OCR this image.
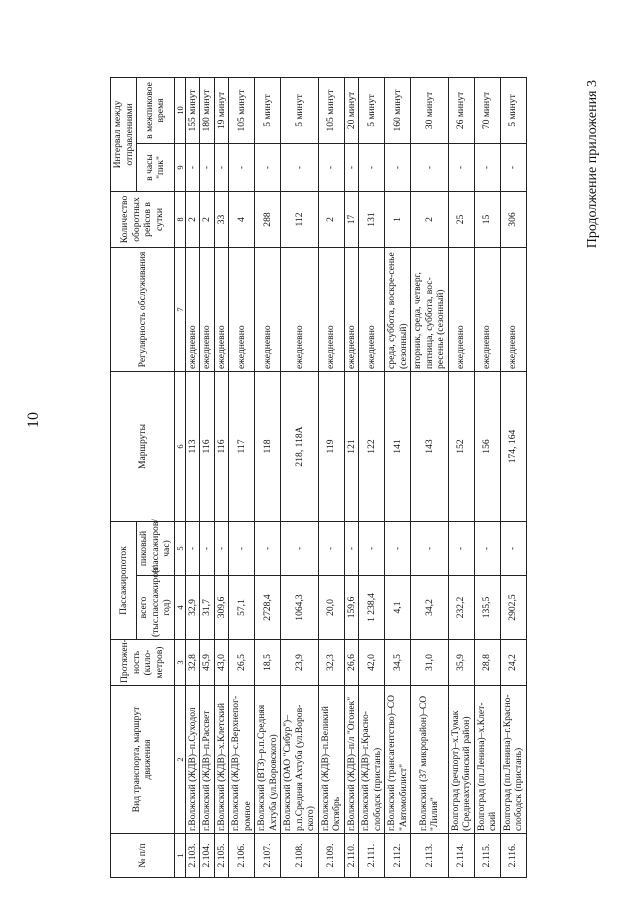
10
Продолжение приложения 3
№ п/п	Вид транспорта, маршрут движения	Протяжен-ность (кило-метров)	Пассажиропоток		Маршруты	Регулярность обслуживания	Количество оборотных рейсов в сутки	Интервал между отправлениями	
			всего (тыс.пассажиров/ год)	пиковый (пассажиров/ час)				в часы "пик"	в межпиковое время
1	2	3	4	5	6	7	8	9	10
2.103.	г.Волжский (ЖДВ)–п.Суходол	32,8	32,9	-	113	ежедневно	2	-	155 минут
2.104.	г.Волжский (ЖДВ)–п.Рассвет	45,9	31,7	-	116	ежедневно	2	-	180 минут
2.105.	г.Волжский (ЖДВ)–х.Клетский	43,0	309,6	-	116	ежедневно	33	-	19 минут
2.106.	г.Волжский (ЖДВ)–с.Верхнепог-ромное	26,5	57,1	-	117	ежедневно	4	-	105 минут
2.107.	г.Волжский (ВТЗ)–р.п.Средняя Ахтуба (ул.Воровского)	18,5	2728,4	-	118	ежедневно	288	-	5 минут
2.108.	г.Волжский (ОАО "Сибур")–р.п.Средняя Ахтуба (ул.Воров-ского)	23,9	1064,3	-	218, 118А	ежедневно	112	-	5 минут
2.109.	г.Волжский (ЖДВ)–п.Великий Октябрь	32,3	20,0	-	119	ежедневно	2	-	105 минут
2.110.	г.Волжский (ЖДВ)–п/л "Огонек"	26,6	159,6	-	121	ежедневно	17	-	20 минут
2.111.	г.Волжский (ЖДВ)–г.Красно-слободск (пристань)	42,0	1 238,4	-	122	ежедневно	131	-	5 минут
2.112.	г.Волжский (трансагентство)–СО "Автомобилист"	34,5	4,1	-	141	среда, суббота, воскре-сенье (сезонный)	1	-	160 минут
2.113.	г.Волжский (37 микрорайон)–СО "Лилия"	31,0	34,2	-	143	вторник, среда, четверг, пятница, суббота, вос-ресенье (сезонный)	2	-	30 минут
2.114.	Волгоград (речпорт)–х.Тумак (Среднеахтубинский район)	35,9	232,2	-	152	ежедневно	25	-	26 минут
2.115.	Волгоград (пл.Ленина)–х.Клет-ский	28,8	135,5	-	156	ежедневно	15	-	70 минут
2.116.	Волгоград (пл.Ленина)–г.Красно-слободск (пристань)	24,2	2902,5	-	174, 164	ежедневно	306	-	5 минут
